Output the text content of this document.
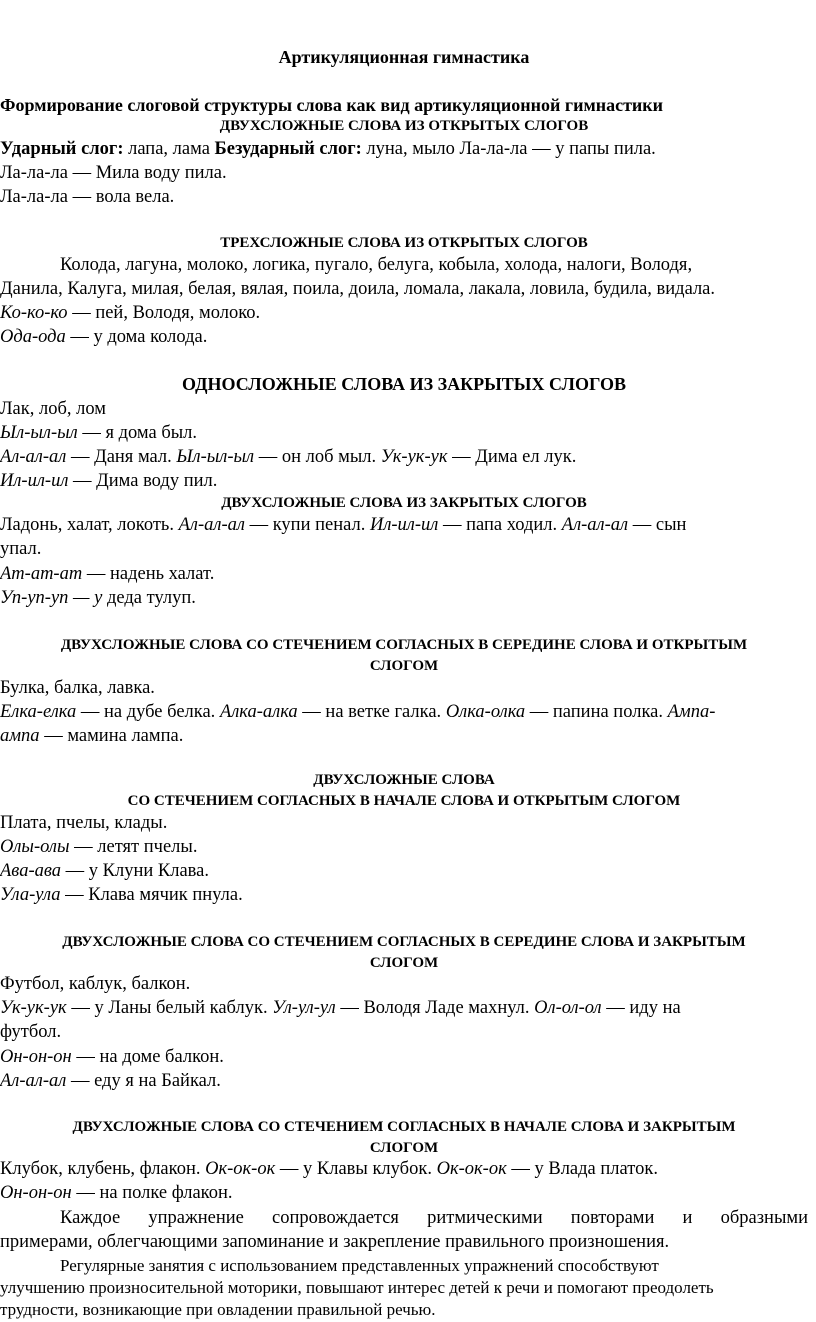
Артикуляционная гимнастика
Формирование слоговой структуры слова как вид артикуляционной гимнастики
ДВУХСЛОЖНЫЕ СЛОВА ИЗ ОТКРЫТЫХ СЛОГОВ
Ударный слог: лапа, лама Безударный слог: луна, мыло Ла-ла-ла — у папы пила.
Ла-ла-ла — Мила воду пила.
Ла-ла-ла — вола вела.
ТРЕХСЛОЖНЫЕ СЛОВА ИЗ ОТКРЫТЫХ СЛОГОВ
Колода, лагуна, молоко, логика, пугало, белуга, кобыла, холода, налоги, Володя,
Данила, Калуга, милая, белая, вялая, поила, доила, ломала, лакала, ловила, будила, видала.
Ко-ко-ко — пей, Володя, молоко.
Ода-ода — у дома колода.
ОДНОСЛОЖНЫЕ СЛОВА ИЗ ЗАКРЫТЫХ СЛОГОВ
Лак, лоб, лом
Ыл-ыл-ыл — я дома был.
Ал-ал-ал — Даня мал. Ыл-ыл-ыл — он лоб мыл. Ук-ук-ук — Дима ел лук.
Ил-ил-ил — Дима воду пил.
ДВУХСЛОЖНЫЕ СЛОВА ИЗ ЗАКРЫТЫХ СЛОГОВ
Ладонь, халат, локоть. Ал-ал-ал — купи пенал. Ил-ил-ил — папа ходил. Ал-ал-ал — сын
упал.
Ат-ат-ат — надень халат.
Уп-уп-уп — у деда тулуп.
ДВУХСЛОЖНЫЕ СЛОВА СО СТЕЧЕНИЕМ СОГЛАСНЫХ В СЕРЕДИНЕ СЛОВА И ОТКРЫТЫМ
СЛОГОМ
Булка, балка, лавка.
Елка-елка — на дубе белка. Алка-алка — на ветке галка. Олка-олка — папина полка. Ампа-
ампа — мамина лампа.
ДВУХСЛОЖНЫЕ СЛОВА
СО СТЕЧЕНИЕМ СОГЛАСНЫХ В НАЧАЛЕ СЛОВА И ОТКРЫТЫМ СЛОГОМ
Плата, пчелы, клады.
Олы-олы — летят пчелы.
Ава-ава — у Клуни Клава.
Ула-ула — Клава мячик пнула.
ДВУХСЛОЖНЫЕ СЛОВА СО СТЕЧЕНИЕМ СОГЛАСНЫХ В СЕРЕДИНЕ СЛОВА И ЗАКРЫТЫМ
СЛОГОМ
Футбол, каблук, балкон.
Ук-ук-ук — у Ланы белый каблук. Ул-ул-ул — Володя Ладе махнул. Ол-ол-ол — иду на
футбол.
Он-он-он — на доме балкон.
Ал-ал-ал — еду я на Байкал.
ДВУХСЛОЖНЫЕ СЛОВА СО СТЕЧЕНИЕМ СОГЛАСНЫХ В НАЧАЛЕ СЛОВА И ЗАКРЫТЫМ
СЛОГОМ
Клубок, клубень, флакон. Ок-ок-ок — у Клавы клубок. Ок-ок-ок — у Влада платок.
Он-он-он — на полке флакон.
Каждое упражнение сопровождается ритмическими повторами и образными
примерами, облегчающими запоминание и закрепление правильного произношения.
Регулярные занятия с использованием представленных упражнений способствуют
улучшению произносительной моторики, повышают интерес детей к речи и помогают преодолеть
трудности, возникающие при овладении правильной речью.
